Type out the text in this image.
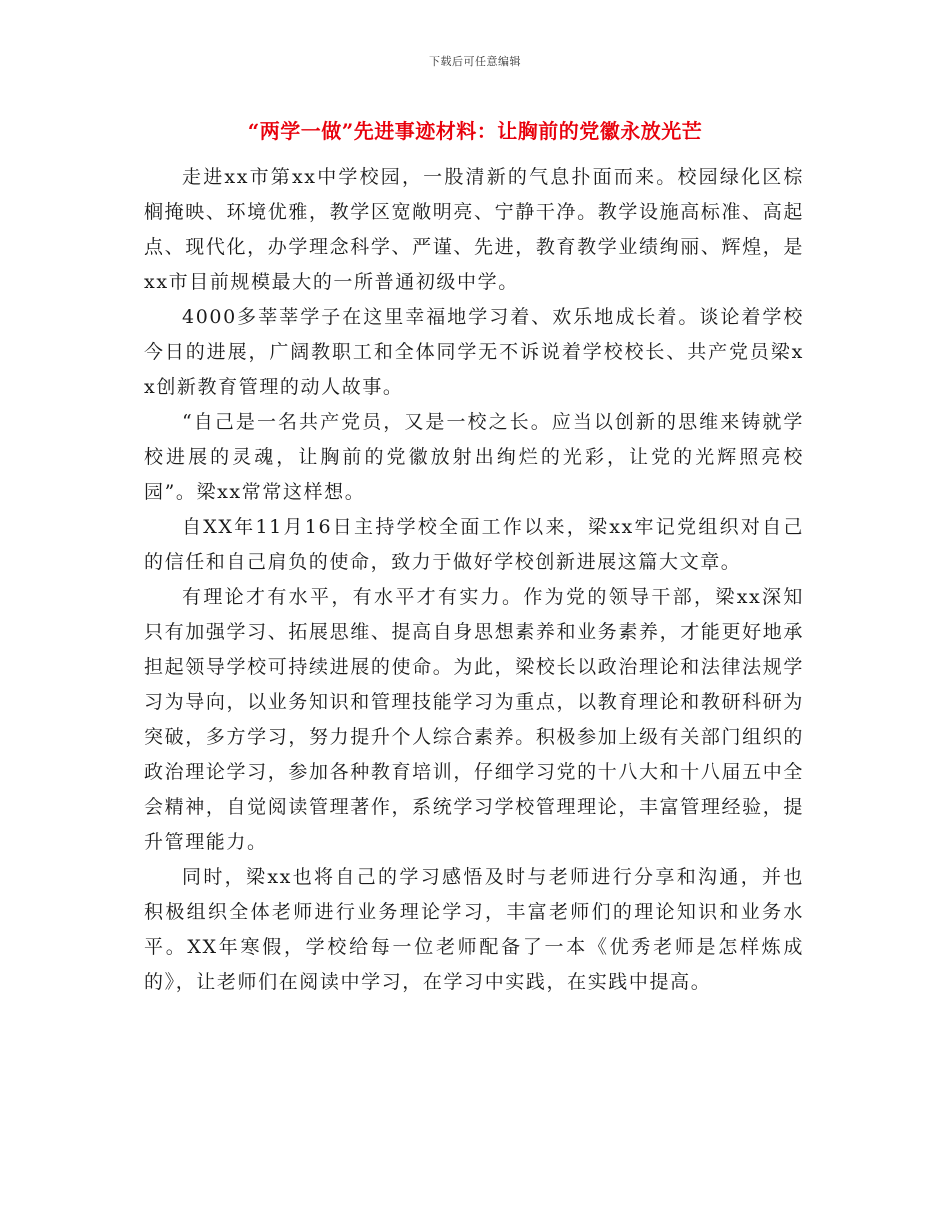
下载后可任意编辑
“两学一做”先进事迹材料：让胸前的党徽永放光芒

走进xx市第xx中学校园，一股清新的气息扑面而来。校园绿化区棕榈掩映、环境优雅，教学区宽敞明亮、宁静干净。教学设施高标准、高起点、现代化，办学理念科学、严谨、先进，教育教学业绩绚丽、辉煌，是xx市目前规模最大的一所普通初级中学。

4000多莘莘学子在这里幸福地学习着、欢乐地成长着。谈论着学校今日的进展，广阔教职工和全体同学无不诉说着学校校长、共产党员梁xx创新教育管理的动人故事。

“自己是一名共产党员，又是一校之长。应当以创新的思维来铸就学校进展的灵魂，让胸前的党徽放射出绚烂的光彩，让党的光辉照亮校园”。梁xx常常这样想。

自XX年11月16日主持学校全面工作以来，梁xx牢记党组织对自己的信任和自己肩负的使命，致力于做好学校创新进展这篇大文章。

有理论才有水平，有水平才有实力。作为党的领导干部，梁xx深知只有加强学习、拓展思维、提高自身思想素养和业务素养，才能更好地承担起领导学校可持续进展的使命。为此，梁校长以政治理论和法律法规学习为导向，以业务知识和管理技能学习为重点，以教育理论和教研科研为突破，多方学习，努力提升个人综合素养。积极参加上级有关部门组织的政治理论学习，参加各种教育培训，仔细学习党的十八大和十八届五中全会精神，自觉阅读管理著作，系统学习学校管理理论，丰富管理经验，提升管理能力。

同时，梁xx也将自己的学习感悟及时与老师进行分享和沟通，并也积极组织全体老师进行业务理论学习，丰富老师们的理论知识和业务水平。XX年寒假，学校给每一位老师配备了一本《优秀老师是怎样炼成的》，让老师们在阅读中学习，在学习中实践，在实践中提高。
